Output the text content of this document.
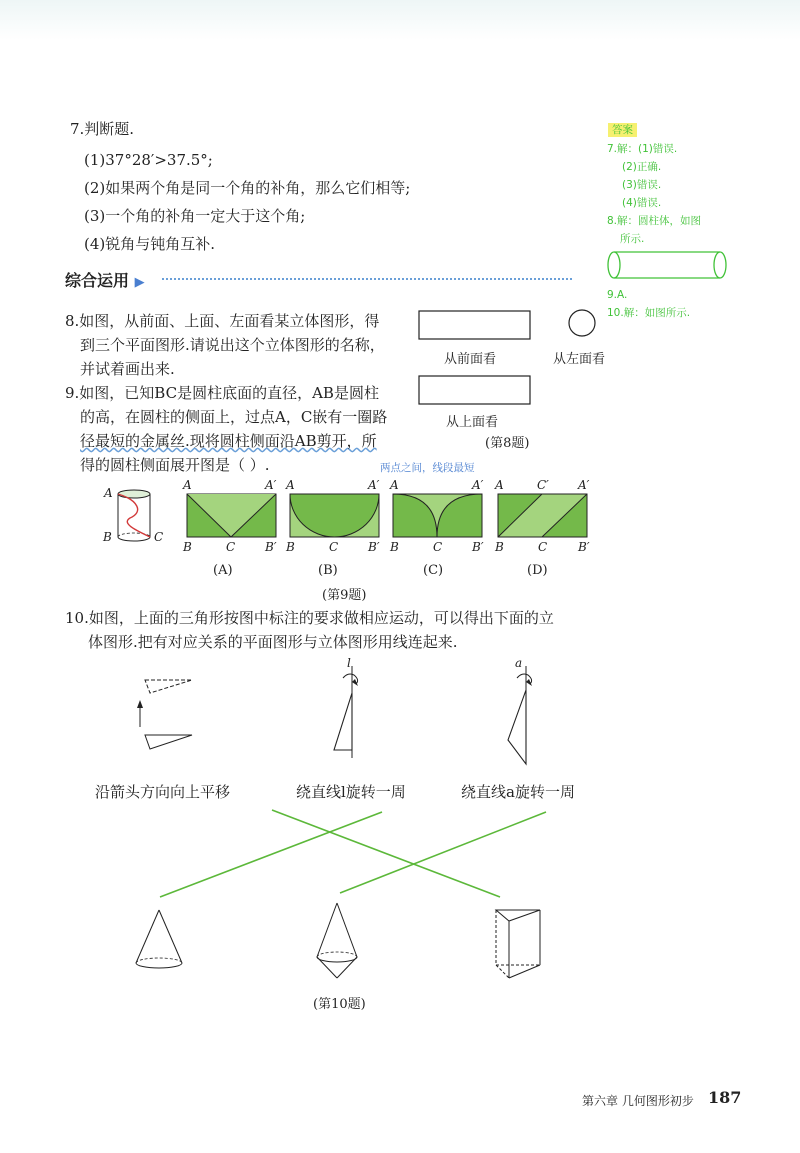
7.判断题.
(1)37°28′>37.5°;
(2)如果两个角是同一个角的补角，那么它们相等;
(3)一个角的补角一定大于这个角;
(4)锐角与钝角互补.
综合运用 ▶
答案
7.解：(1)错误.
(2)正确.
(3)错误.
(4)错误.
8.解：圆柱体，如图
所示.
9.A.
10.解：如图所示.
8.如图，从前面、上面、左面看某立体图形，得
到三个平面图形.请说出这个立体图形的名称，
并试着画出来.
从前面看	从左面看
从上面看
(第8题)
9.如图，已知BC是圆柱底面的直径，AB是圆柱
的高，在圆柱的侧面上，过点A，C嵌有一圈路
径最短的金属丝.现将圆柱侧面沿AB剪开，所
得的圆柱侧面展开图是（ ）.	两点之间，线段最短
A
B	C
A	A′
B	C B′
A	A′
B	C B′
A	A′
B	C B′
A	C′ A′
B	C	B′
(A)	(B)	(C)	(D)
(第9题)
10.如图，上面的三角形按图中标注的要求做相应运动，可以得出下面的立
体图形.把有对应关系的平面图形与立体图形用线连起来.
l	a
沿箭头方向向上平移	绕直线l旋转一周	绕直线a旋转一周
(第10题)
第六章 几何图形初步 187
